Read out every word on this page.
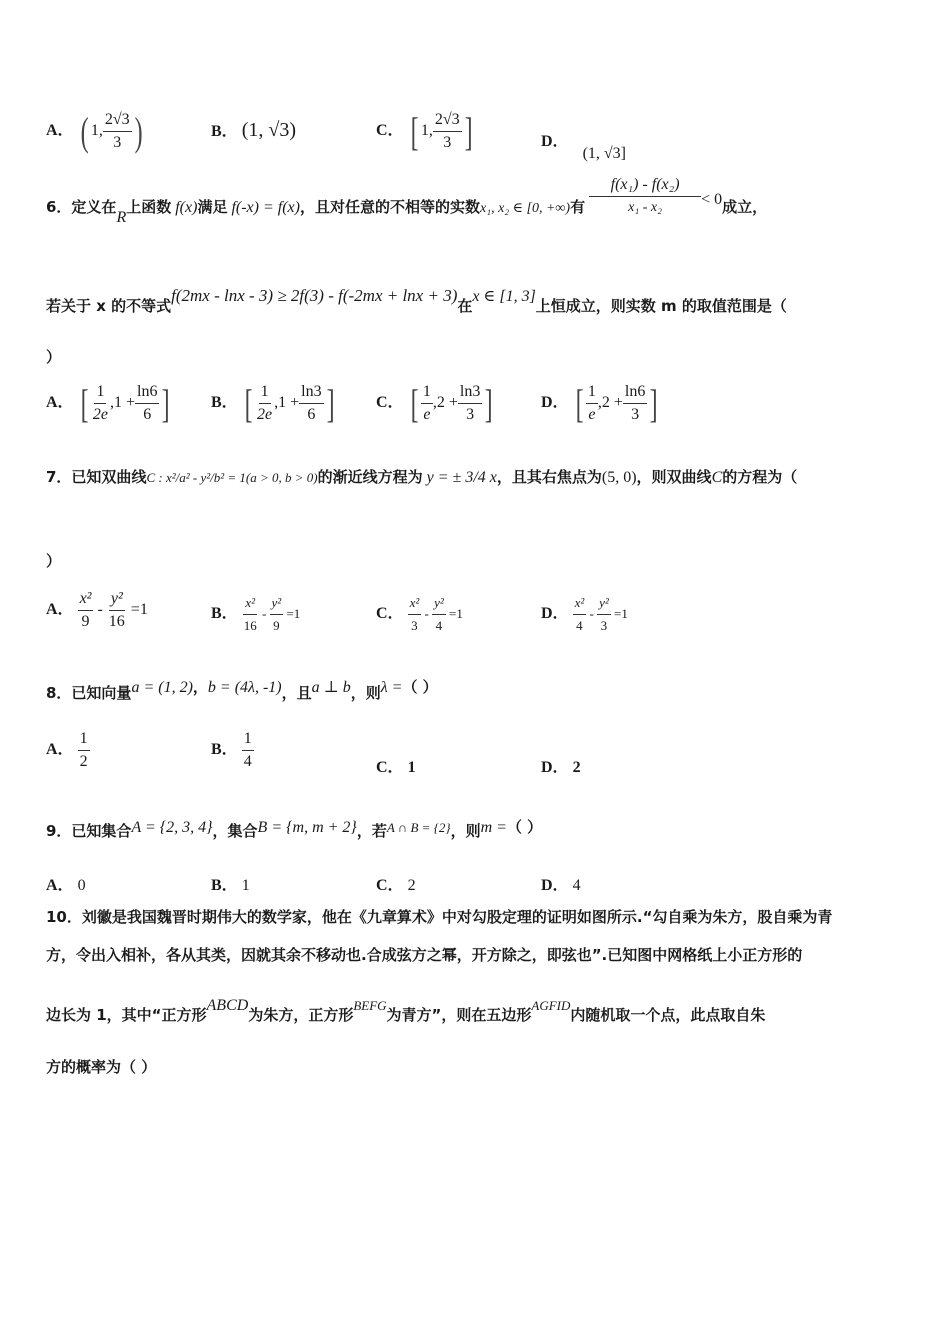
A． ( 1, $\frac{2√3}{3}$ )	B． (1, √3)	C． [ 1, $\frac{2√3}{3}$ ]	D． (1, √3]
6．定义在R上函数 f(x)满足 f(-x) = f(x)，且对任意的不相等的实数x₁, x₂ ∈ [0, +∞)有 $\frac{\text{f(x₁) - f(x₂)}}{\text{x₁ - x₂}} < 0$成立，
若关于 x 的不等式f(2mx - lnx - 3) ≥ 2f(3) - f(-2mx + lnx + 3)在x ∈ [1, 3]上恒成立，则实数 m 的取值范围是（
）
A． [ $\frac{1}{2e} ,1 + \frac{\ln 6}{6}$ ]	B． [ $\frac{1}{2e} ,1 + \frac{\ln 3}{6}$ ]	C． [ $\frac{1}{e} ,2 + \frac{\ln 3}{3}$ ]	D． [ $\frac{1}{e} ,2 + \frac{\ln 6}{3}$ ]
7．已知双曲线C : x²/a² - y²/b² = 1(a > 0, b > 0)的渐近线方程为 y = ± 3/4 x，且其右焦点为(5, 0)，则双曲线C的方程为（
）
A． $\frac{\text{x²}}{9} - \frac{\text{y²}}{16} =1$	B． $\frac{\text{x²}}{16} - \frac{\text{y²}}{9} =1$	C． $\frac{\text{x²}}{3} - \frac{\text{y²}}{4} =1$	D． $\frac{\text{x²}}{4} - \frac{\text{y²}}{3} =1$
8．已知向量a = (1, 2)，b = (4λ, -1)，且a ⊥ b，则λ =（ ）
A． $\frac{1}{2}$	B． $\frac{1}{4}$	C． 1	D． 2
9．已知集合A = {2, 3, 4}，集合B = {m, m + 2}，若A ∩ B = {2}，则m =（ ）
A． 0	B． 1	C． 2	D． 4
10．刘徽是我国魏晋时期伟大的数学家，他在《九章算术》中对勾股定理的证明如图所示.“勾自乘为朱方，股自乘为青
方，令出入相补，各从其类，因就其余不移动也.合成弦方之幂，开方除之，即弦也”.已知图中网格纸上小正方形的
边长为 1，其中“正方形ABCD为朱方，正方形BEFG为青方”，则在五边形AGFID内随机取一个点，此点取自朱
方的概率为（ ）
